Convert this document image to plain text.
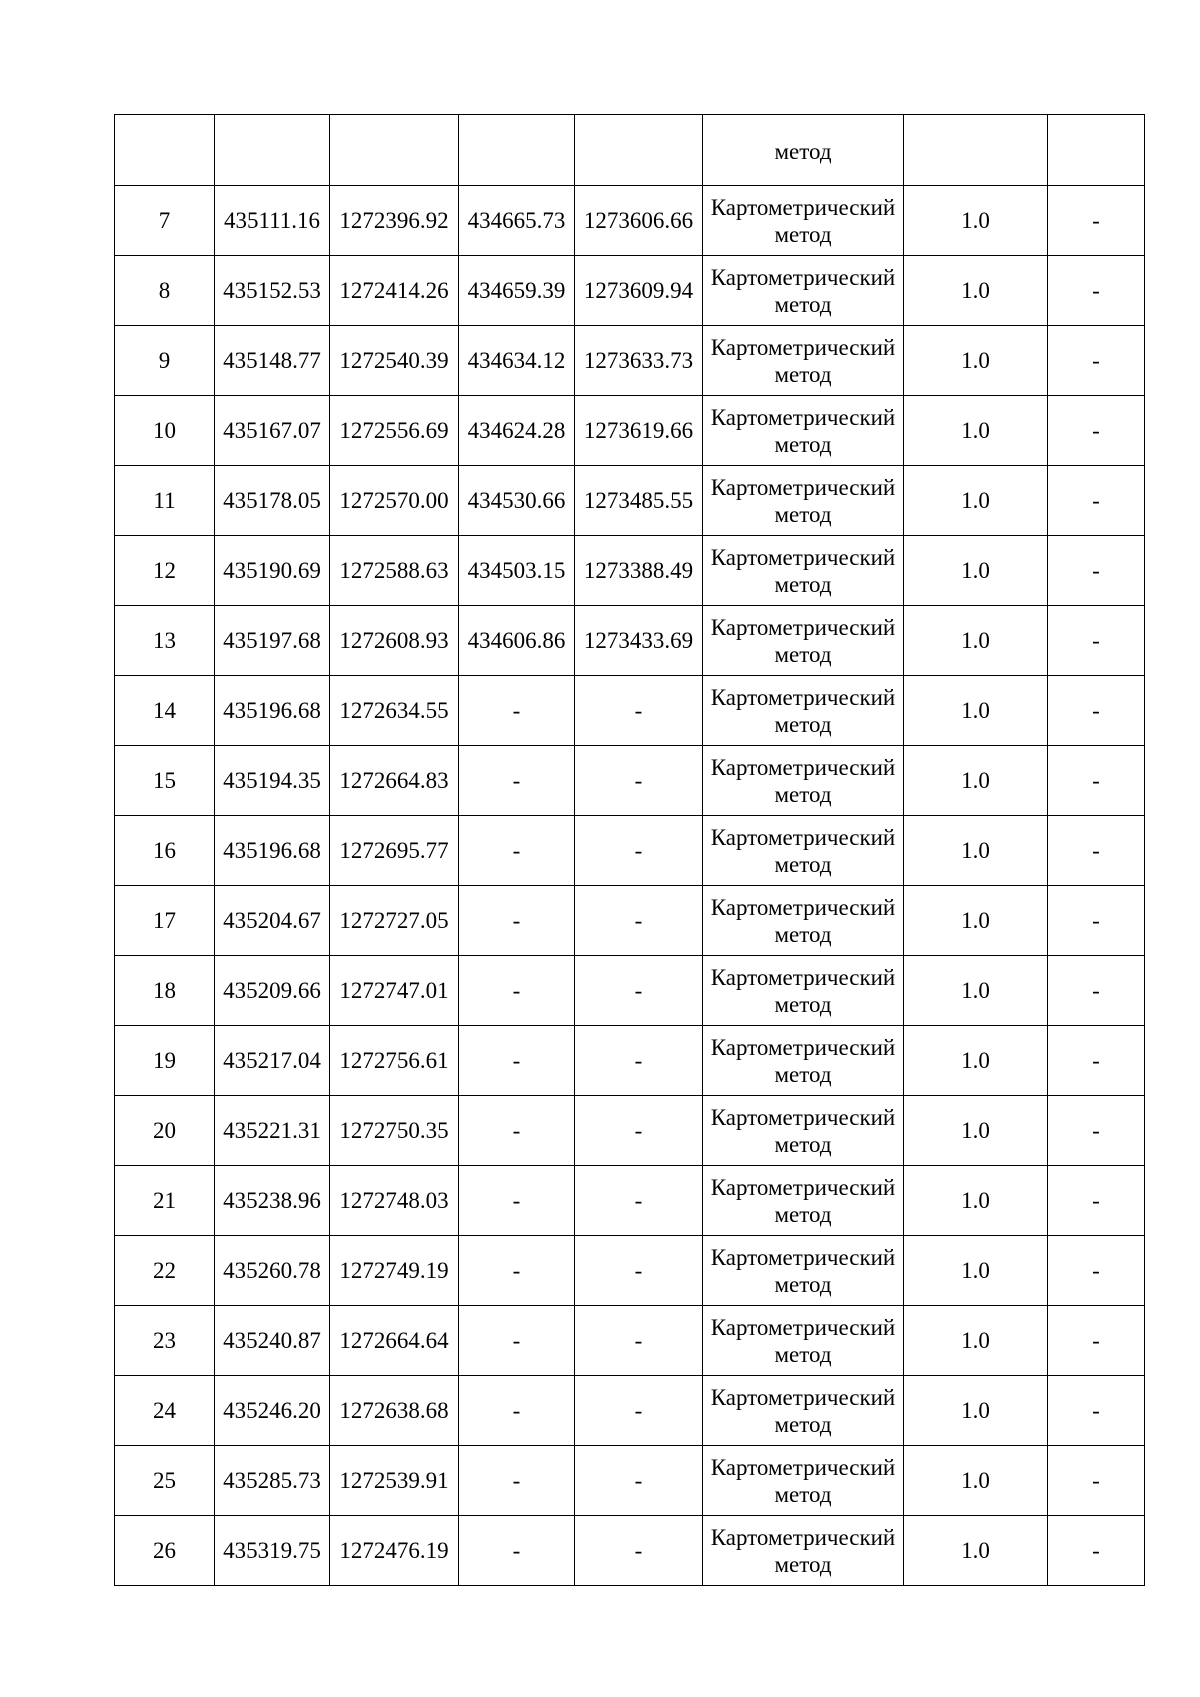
					метод		
7	435111.16	1272396.92	434665.73	1273606.66	Картометрический
метод	1.0	-
8	435152.53	1272414.26	434659.39	1273609.94	Картометрический
метод	1.0	-
9	435148.77	1272540.39	434634.12	1273633.73	Картометрический
метод	1.0	-
10	435167.07	1272556.69	434624.28	1273619.66	Картометрический
метод	1.0	-
11	435178.05	1272570.00	434530.66	1273485.55	Картометрический
метод	1.0	-
12	435190.69	1272588.63	434503.15	1273388.49	Картометрический
метод	1.0	-
13	435197.68	1272608.93	434606.86	1273433.69	Картометрический
метод	1.0	-
14	435196.68	1272634.55	-	-	Картометрический
метод	1.0	-
15	435194.35	1272664.83	-	-	Картометрический
метод	1.0	-
16	435196.68	1272695.77	-	-	Картометрический
метод	1.0	-
17	435204.67	1272727.05	-	-	Картометрический
метод	1.0	-
18	435209.66	1272747.01	-	-	Картометрический
метод	1.0	-
19	435217.04	1272756.61	-	-	Картометрический
метод	1.0	-
20	435221.31	1272750.35	-	-	Картометрический
метод	1.0	-
21	435238.96	1272748.03	-	-	Картометрический
метод	1.0	-
22	435260.78	1272749.19	-	-	Картометрический
метод	1.0	-
23	435240.87	1272664.64	-	-	Картометрический
метод	1.0	-
24	435246.20	1272638.68	-	-	Картометрический
метод	1.0	-
25	435285.73	1272539.91	-	-	Картометрический
метод	1.0	-
26	435319.75	1272476.19	-	-	Картометрический
метод	1.0	-
